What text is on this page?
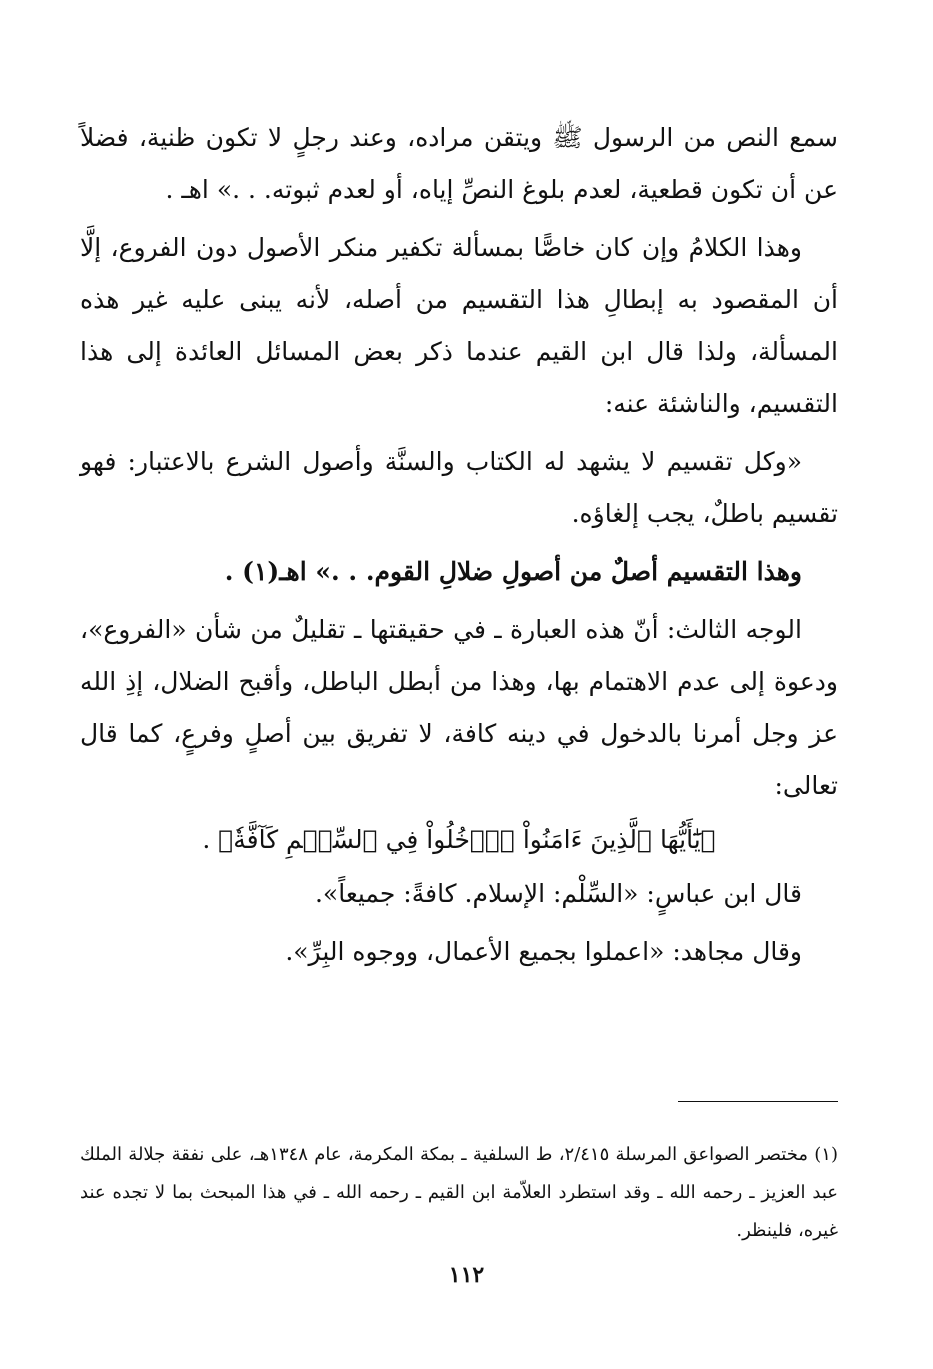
سمع النص من الرسول ﷺ ويتقن مراده، وعند رجلٍ لا تكون ظنية، فضلاً عن أن تكون قطعية، لعدم بلوغ النصِّ إياه، أو لعدم ثبوته. . .» اهـ .

وهذا الكلامُ وإن كان خاصًّا بمسألة تكفير منكر الأصول دون الفروع، إلَّا أن المقصود به إبطالِ هذا التقسيم من أصله، لأنه يبنى عليه غير هذه المسألة، ولذا قال ابن القيم عندما ذكر بعض المسائل العائدة إلى هذا التقسيم، والناشئة عنه:

«وكل تقسيم لا يشهد له الكتاب والسنَّة وأصول الشرع بالاعتبار: فهو تقسيم باطلٌ، يجب إلغاؤه.

وهذا التقسيم أصلٌ من أصولِ ضلالِ القوم. . .» اهـ(١) .

الوجه الثالث: أنّ هذه العبارة ـ في حقيقتها ـ تقليلٌ من شأن «الفروع»، ودعوة إلى عدم الاهتمام بها، وهذا من أبطل الباطل، وأقبح الضلال، إذِ الله عز وجل أمرنا بالدخول في دينه كافة، لا تفريق بين أصلٍ وفرعٍ، كما قال تعالى:

﴿يَٰٓأَيُّهَا ٱلَّذِينَ ءَامَنُواْ ٱدۡخُلُواْ فِي ٱلسِّلۡمِ كَآفَّةٗ﴾ .

قال ابن عباسٍ: «السِّلْم: الإسلام. كافةً: جميعاً».

وقال مجاهد: «اعملوا بجميع الأعمال، ووجوه البِرِّ».

(١) مختصر الصواعق المرسلة ٢/٤١٥، ط السلفية ـ بمكة المكرمة، عام ١٣٤٨هـ، على نفقة جلالة الملك عبد العزيز ـ رحمه الله ـ وقد استطرد العلاّمة ابن القيم ـ رحمه الله ـ في هذا المبحث بما لا تجده عند غيره، فلينظر.

١١٢
